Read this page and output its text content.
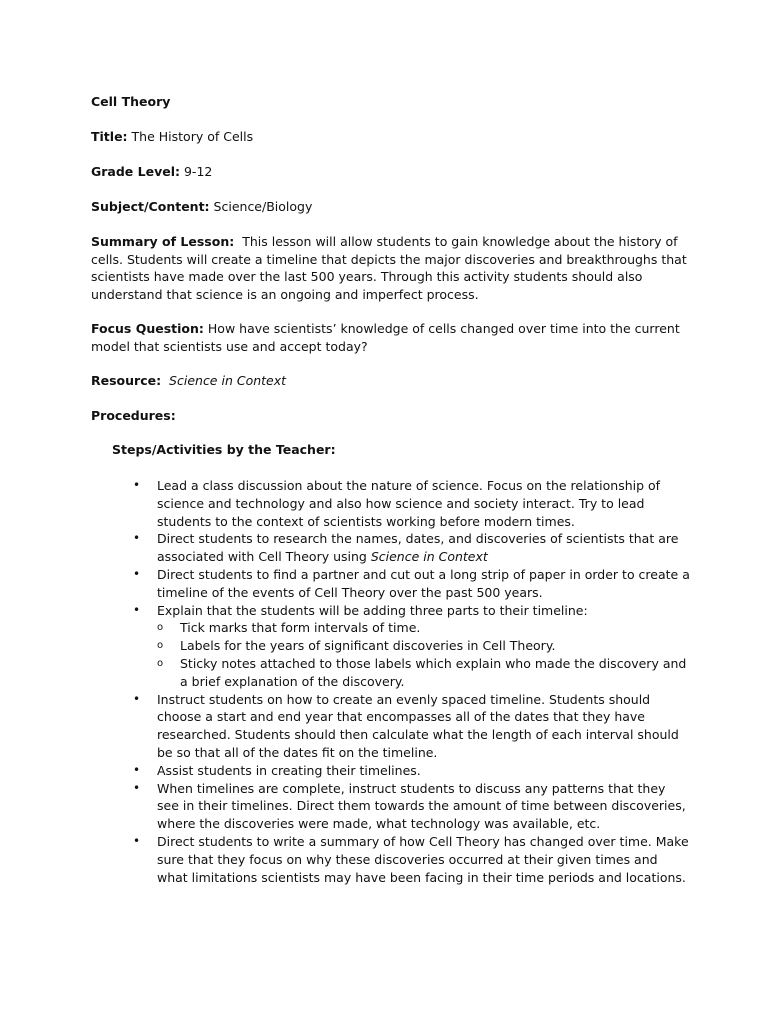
Cell Theory
Title: The History of Cells
Grade Level: 9-12
Subject/Content: Science/Biology
Summary of Lesson: This lesson will allow students to gain knowledge about the history of cells. Students will create a timeline that depicts the major discoveries and breakthroughs that scientists have made over the last 500 years. Through this activity students should also understand that science is an ongoing and imperfect process.
Focus Question: How have scientists’ knowledge of cells changed over time into the current model that scientists use and accept today?
Resource: Science in Context
Procedures:
Steps/Activities by the Teacher:
• Lead a class discussion about the nature of science. Focus on the relationship of science and technology and also how science and society interact. Try to lead students to the context of scientists working before modern times.
• Direct students to research the names, dates, and discoveries of scientists that are associated with Cell Theory using Science in Context
• Direct students to find a partner and cut out a long strip of paper in order to create a timeline of the events of Cell Theory over the past 500 years.
• Explain that the students will be adding three parts to their timeline:
o Tick marks that form intervals of time.
o Labels for the years of significant discoveries in Cell Theory.
o Sticky notes attached to those labels which explain who made the discovery and a brief explanation of the discovery.
• Instruct students on how to create an evenly spaced timeline. Students should choose a start and end year that encompasses all of the dates that they have researched. Students should then calculate what the length of each interval should be so that all of the dates fit on the timeline.
• Assist students in creating their timelines.
• When timelines are complete, instruct students to discuss any patterns that they see in their timelines. Direct them towards the amount of time between discoveries, where the discoveries were made, what technology was available, etc.
• Direct students to write a summary of how Cell Theory has changed over time. Make sure that they focus on why these discoveries occurred at their given times and what limitations scientists may have been facing in their time periods and locations.
